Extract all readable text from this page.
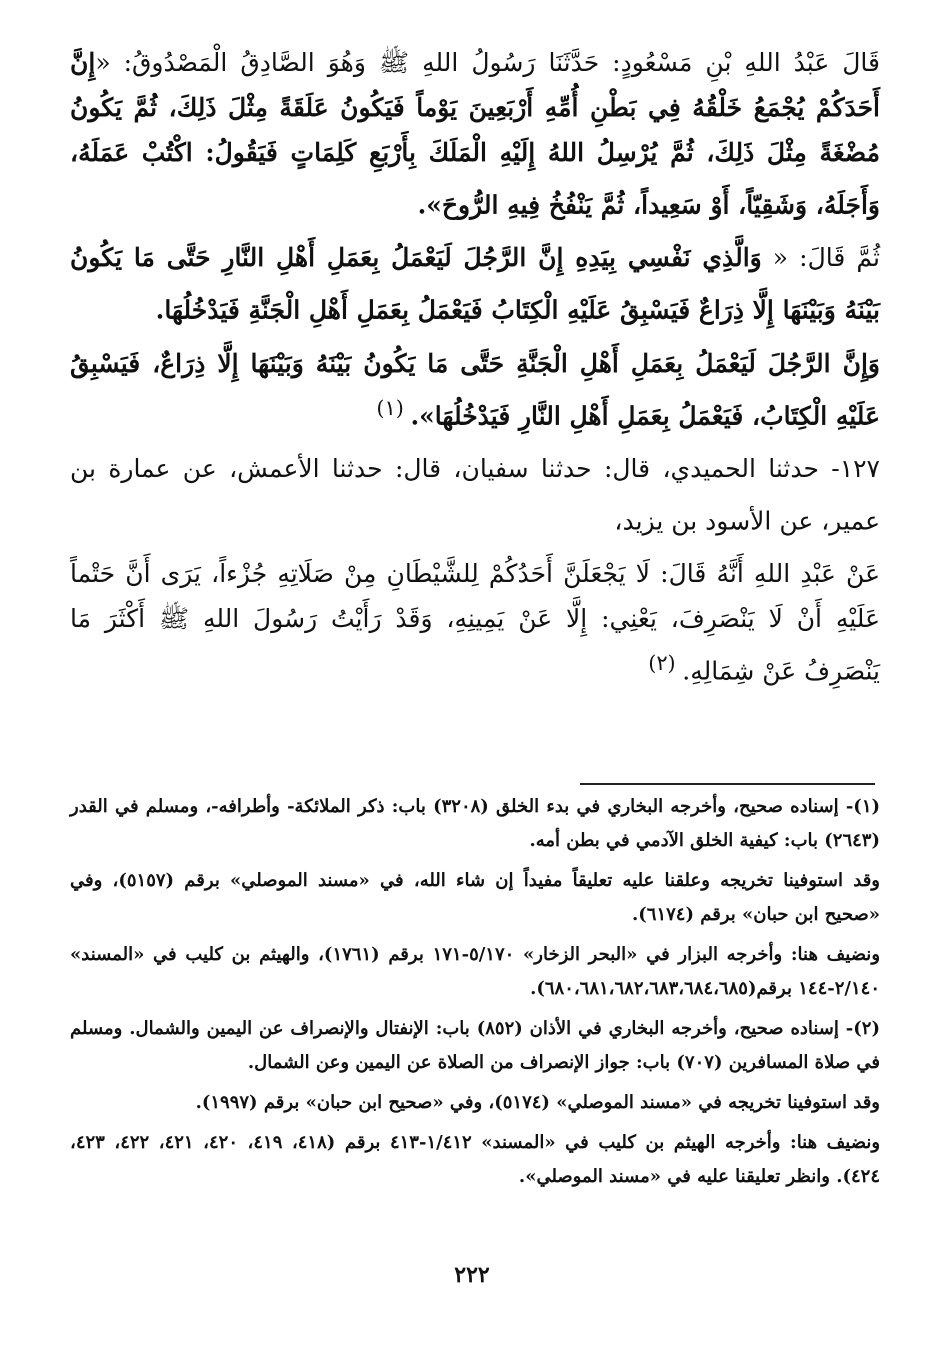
قَالَ عَبْدُ اللهِ بْنِ مَسْعُودٍ: حَدَّثَنَا رَسُولُ اللهِ ﷺ وَهُوَ الصَّادِقُ الْمَصْدُوقُ: «إِنَّ أَحَدَكُمْ يُجْمَعُ خَلْقُهُ فِي بَطْنِ أُمِّهِ أَرْبَعِينَ يَوْماً فَيَكُونُ عَلَقَةً مِثْلَ ذَلِكَ، ثُمَّ يَكُونُ مُضْغَةً مِثْلَ ذَلِكَ، ثُمَّ يُرْسِلُ اللهُ إِلَيْهِ الْمَلَكَ بِأَرْبَعِ كَلِمَاتٍ فَيَقُولُ: اكْتُبْ عَمَلَهُ، وَأَجَلَهُ، وَشَقِيّاً، أَوْ سَعِيداً، ثُمَّ يَنْفُخُ فِيهِ الرُّوحَ».

ثُمَّ قَالَ: « وَالَّذِي نَفْسِي بِيَدِهِ إِنَّ الرَّجُلَ لَيَعْمَلُ بِعَمَلِ أَهْلِ النَّارِ حَتَّى مَا يَكُونُ بَيْنَهُ وَبَيْنَهَا إِلَّا ذِرَاعٌ فَيَسْبِقُ عَلَيْهِ الْكِتَابُ فَيَعْمَلُ بِعَمَلِ أَهْلِ الْجَنَّةِ فَيَدْخُلُهَا.

وَإِنَّ الرَّجُلَ لَيَعْمَلُ بِعَمَلِ أَهْلِ الْجَنَّةِ حَتَّى مَا يَكُونُ بَيْنَهُ وَبَيْنَهَا إِلَّا ذِرَاعٌ، فَيَسْبِقُ عَلَيْهِ الْكِتَابُ، فَيَعْمَلُ بِعَمَلِ أَهْلِ النَّارِ فَيَدْخُلُهَا». $^{(١)}$

١٢٧- حدثنا الحميدي، قال: حدثنا سفيان، قال: حدثنا الأعمش، عن عمارة بن عمير، عن الأسود بن يزيد،

عَنْ عَبْدِ اللهِ أَنَّهُ قَالَ: لَا يَجْعَلَنَّ أَحَدُكُمْ لِلشَّيْطَانِ مِنْ صَلَاتِهِ جُزْءاً، يَرَى أَنَّ حَتْماً عَلَيْهِ أَنْ لَا يَنْصَرِفَ، يَعْنِي: إِلَّا عَنْ يَمِينِهِ، وَقَدْ رَأَيْتُ رَسُولَ اللهِ ﷺ أَكْثَرَ مَا يَنْصَرِفُ عَنْ شِمَالِهِ. $^{(٢)}$

(١)- إسناده صحيح، وأخرجه البخاري في بدء الخلق (٣٢٠٨) باب: ذكر الملائكة- وأطرافه-، ومسلم في القدر (٢٦٤٣) باب: كيفية الخلق الآدمي في بطن أمه.

وقد استوفينا تخريجه وعلقنا عليه تعليقاً مفيداً إن شاء الله، في «مسند الموصلي» برقم (٥١٥٧)، وفي «صحيح ابن حبان» برقم (٦١٧٤).

ونضيف هنا: وأخرجه البزار في «البحر الزخار» ٥/١٧٠-١٧١ برقم (١٧٦١)، والهيثم بن كليب في «المسند» ٢/١٤٠-١٤٤ برقم(٦٨٠،٦٨١،٦٨٢،٦٨٣،٦٨٤،٦٨٥).

(٢)- إسناده صحيح، وأخرجه البخاري في الأذان (٨٥٢) باب: الإنفتال والإنصراف عن اليمين والشمال. ومسلم في صلاة المسافرين (٧٠٧) باب: جواز الإنصراف من الصلاة عن اليمين وعن الشمال.

وقد استوفينا تخريجه في «مسند الموصلي» (٥١٧٤)، وفي «صحيح ابن حبان» برقم (١٩٩٧).

ونضيف هنا: وأخرجه الهيثم بن كليب في «المسند» ١/٤١٢-٤١٣ برقم (٤١٨، ٤١٩، ٤٢٠، ٤٢١، ٤٢٢، ٤٢٣، ٤٢٤). وانظر تعليقنا عليه في «مسند الموصلي».

٢٢٢
